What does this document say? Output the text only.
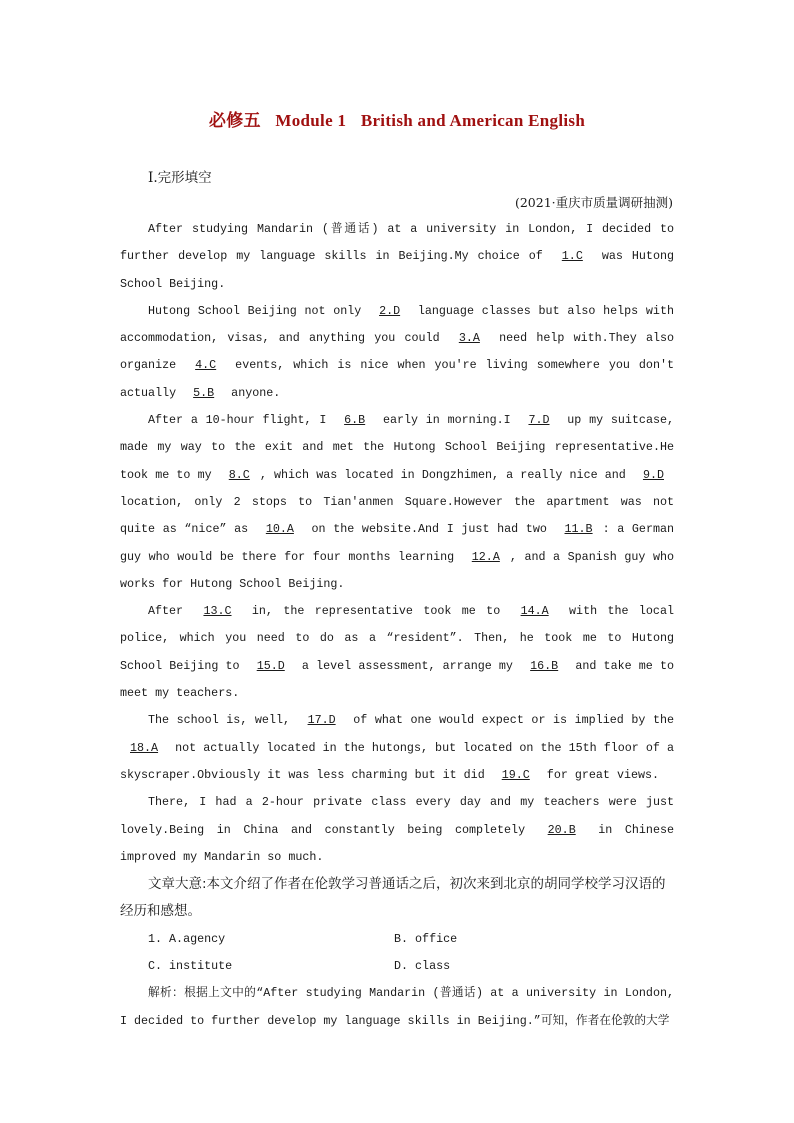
必修五 Module 1 British and American English
Ⅰ.完形填空
(2021·重庆市质量调研抽测)

After studying Mandarin (普通话) at a university in London, I decided to further develop my language skills in Beijing.My choice of 1.C was Hutong School Beijing.

Hutong School Beijing not only 2.D language classes but also helps with accommodation, visas, and anything you could 3.A need help with.They also organize 4.C events, which is nice when you're living somewhere you don't actually 5.B anyone.

After a 10-hour flight, I 6.B early in morning.I 7.D up my suitcase, made my way to the exit and met the Hutong School Beijing representative.He took me to my 8.C , which was located in Dongzhimen, a really nice and 9.D location, only 2 stops to Tian'anmen Square.However the apartment was not quite as “nice” as 10.A on the website.And I just had two 11.B : a German guy who would be there for four months learning 12.A , and a Spanish guy who works for Hutong School Beijing.

After 13.C in, the representative took me to 14.A with the local police, which you need to do as a “resident”. Then, he took me to Hutong School Beijing to 15.D a level assessment, arrange my 16.B and take me to meet my teachers.

The school is, well, 17.D of what one would expect or is implied by the 18.A not actually located in the hutongs, but located on the 15th floor of a skyscraper.Obviously it was less charming but it did 19.C for great views.

There, I had a 2-hour private class every day and my teachers were just lovely.Being in China and constantly being completely 20.B in Chinese improved my Mandarin so much.

文章大意:本文介绍了作者在伦敦学习普通话之后，初次来到北京的胡同学校学习汉语的经历和感想。

1. A.agency	B. office
C. institute	D. class

解析：根据上文中的“After studying Mandarin (普通话) at a university in London, I decided to further develop my language skills in Beijing.”可知，作者在伦敦的大学
